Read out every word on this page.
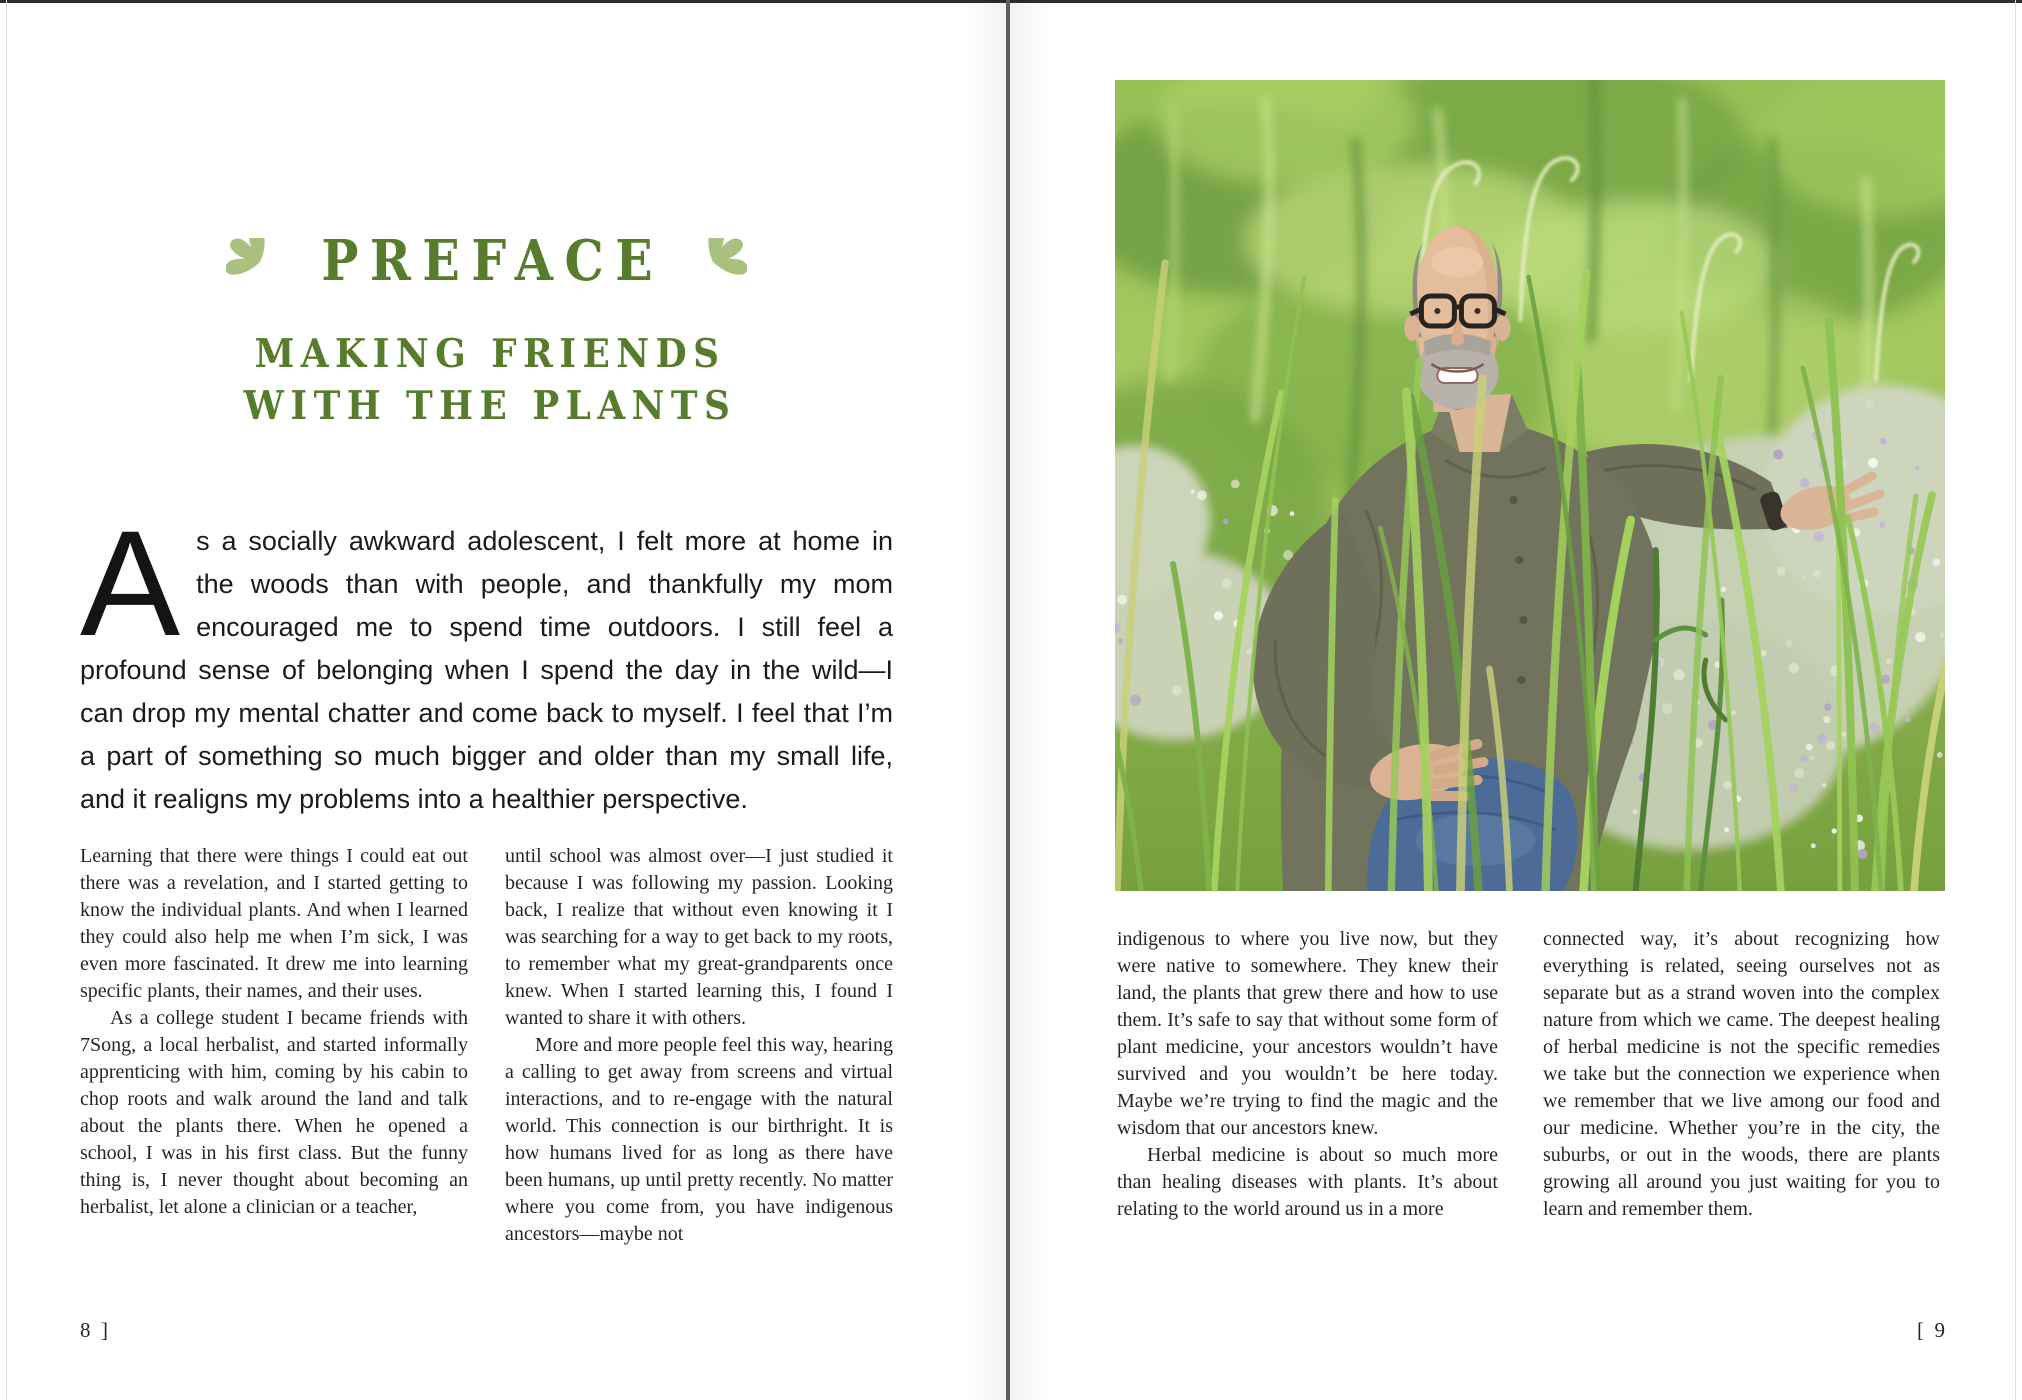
PREFACE
MAKING FRIENDS
WITH THE PLANTS

As a socially awkward adolescent, I felt more at home in the woods than with people, and thankfully my mom encouraged me to spend time outdoors. I still feel a profound sense of belonging when I spend the day in the wild—I can drop my mental chatter and come back to myself. I feel that I’m a part of something so much bigger and older than my small life, and it realigns my problems into a healthier perspective.

Learning that there were things I could eat out there was a revelation, and I started getting to know the individual plants. And when I learned they could also help me when I’m sick, I was even more fascinated. It drew me into learning specific plants, their names, and their uses.

As a college student I became friends with 7Song, a local herbalist, and started informally apprenticing with him, coming by his cabin to chop roots and walk around the land and talk about the plants there. When he opened a school, I was in his first class. But the funny thing is, I never thought about becoming an herbalist, let alone a clinician or a teacher,

until school was almost over—I just studied it because I was following my passion. Looking back, I realize that without even knowing it I was searching for a way to get back to my roots, to remember what my great-grandparents once knew. When I started learning this, I found I wanted to share it with others.

More and more people feel this way, hearing a calling to get away from screens and virtual interactions, and to re-engage with the natural world. This connection is our birthright. It is how humans lived for as long as there have been humans, up until pretty recently. No matter where you come from, you have indigenous ancestors—maybe not

8  ]

indigenous to where you live now, but they were native to somewhere. They knew their land, the plants that grew there and how to use them. It’s safe to say that without some form of plant medicine, your ancestors wouldn’t have survived and you wouldn’t be here today. Maybe we’re trying to find the magic and the wisdom that our ancestors knew.

Herbal medicine is about so much more than healing diseases with plants. It’s about relating to the world around us in a more

connected way, it’s about recognizing how everything is related, seeing ourselves not as separate but as a strand woven into the complex nature from which we came. The deepest healing of herbal medicine is not the specific remedies we take but the connection we experience when we remember that we live among our food and our medicine. Whether you’re in the city, the suburbs, or out in the woods, there are plants growing all around you just waiting for you to learn and remember them.

[  9
